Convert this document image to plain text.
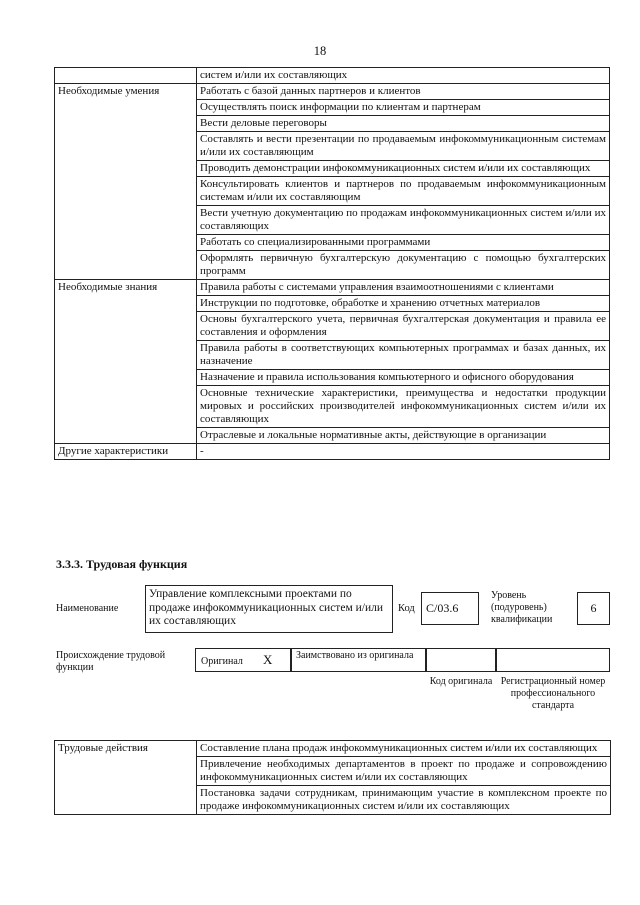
18
	систем и/или их составляющих
Необходимые умения	Работать с базой данных партнеров и клиентов
	Осуществлять поиск информации по клиентам и партнерам
	Вести деловые переговоры
	Составлять и вести презентации по продаваемым инфокоммуникационным системам и/или их составляющим
	Проводить демонстрации инфокоммуникационных систем и/или их составляющих
	Консультировать клиентов и партнеров по продаваемым инфокоммуникационным системам и/или их составляющим
	Вести учетную документацию по продажам инфокоммуникационных систем и/или их составляющих
	Работать со специализированными программами
	Оформлять первичную бухгалтерскую документацию с помощью бухгалтерских программ
Необходимые знания	Правила работы с системами управления взаимоотношениями с клиентами
	Инструкции по подготовке, обработке и хранению отчетных материалов
	Основы бухгалтерского учета, первичная бухгалтерская документация и правила ее составления и оформления
	Правила работы в соответствующих компьютерных программах и базах данных, их назначение
	Назначение и правила использования компьютерного и офисного оборудования
	Основные технические характеристики, преимущества и недостатки продукции мировых и российских производителей инфокоммуникационных систем и/или их составляющих
	Отраслевые и локальные нормативные акты, действующие в организации
Другие характеристики	-
3.3.3. Трудовая функция
Наименование
Управление комплексными проектами по продаже инфокоммуникационных систем и/или их составляющих
Код C/03.6
Уровень (подуровень) квалификации
6
Происхождение трудовой функции
Оригинал X Заимствовано из оригинала
Код оригинала Регистрационный номер профессионального стандарта
Трудовые действия	Составление плана продаж инфокоммуникационных систем и/или их составляющих
Привлечение необходимых департаментов в проект по продаже и сопровождению инфокоммуникационных систем и/или их составляющих
Постановка задачи сотрудникам, принимающим участие в комплексном проекте по продаже инфокоммуникационных систем и/или их составляющих
